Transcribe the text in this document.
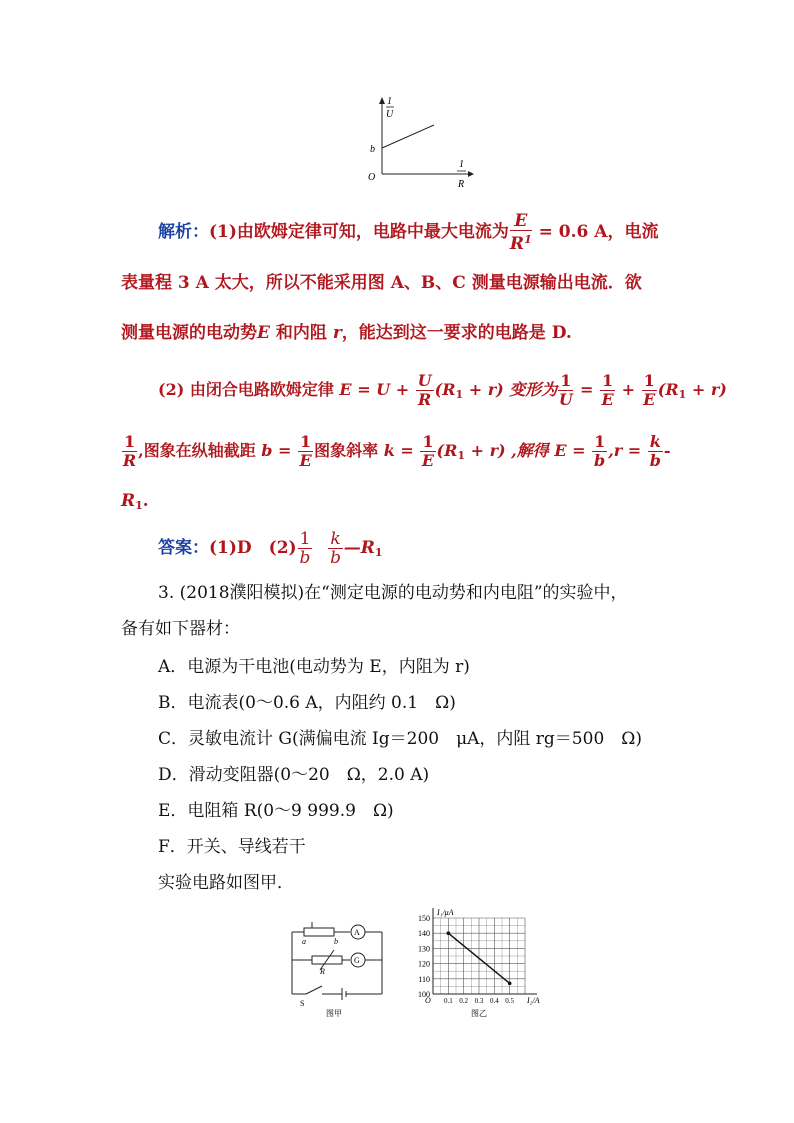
1
U
1
R
O
b
解析：(1)由欧姆定律可知，电路中最大电流为 $\frac{E}{R^1} = 0.6$ A，电流
表量程 3 A 太大，所以不能采用图 A、B、C 测量电源输出电流．欲
测量电源的电动势E 和内阻 r，能达到这一要求的电路是 D.
(2) 由闭合电路欧姆定律 $E = U + \frac{U}{R} (R_1 + r)$ 变形为 $\frac{1}{U} = \frac{1}{E} + \frac{1}{E} (R_1 + r)$
$\frac{1}{R}$ ,图象在纵轴截距 $b = \frac{1}{E}$ 图象斜率 $k = \frac{1}{E} (R_1 + r)$ ,解得 $E = \frac{1}{b} ,r = \frac{k}{b}$ -
$R_1$.
答案：(1)D　$(2) \frac{1}{b} \frac{k}{b}$ $—R_1$
3. (2018濮阳模拟)在“测定电源的电动势和内电阻”的实验中，
备有如下器材：
A．电源为干电池(电动势为 E，内阻为 r)
B．电流表(0～0.6 A，内阻约 0.1　Ω)
C．灵敏电流计 G(满偏电流 Ig＝200　μA，内阻 rg＝500　Ω)
D．滑动变阻器(0～20　Ω，2.0 A)
E．电阻箱 R(0～9 999.9　Ω)
F．开关、导线若干
实验电路如图甲．
a	b
A
G
R
S
图甲
150
140
130
120
110
100
0.1 0.2 0.3 0.4 0.5
O
I₁/μA
I₂/A
图乙
